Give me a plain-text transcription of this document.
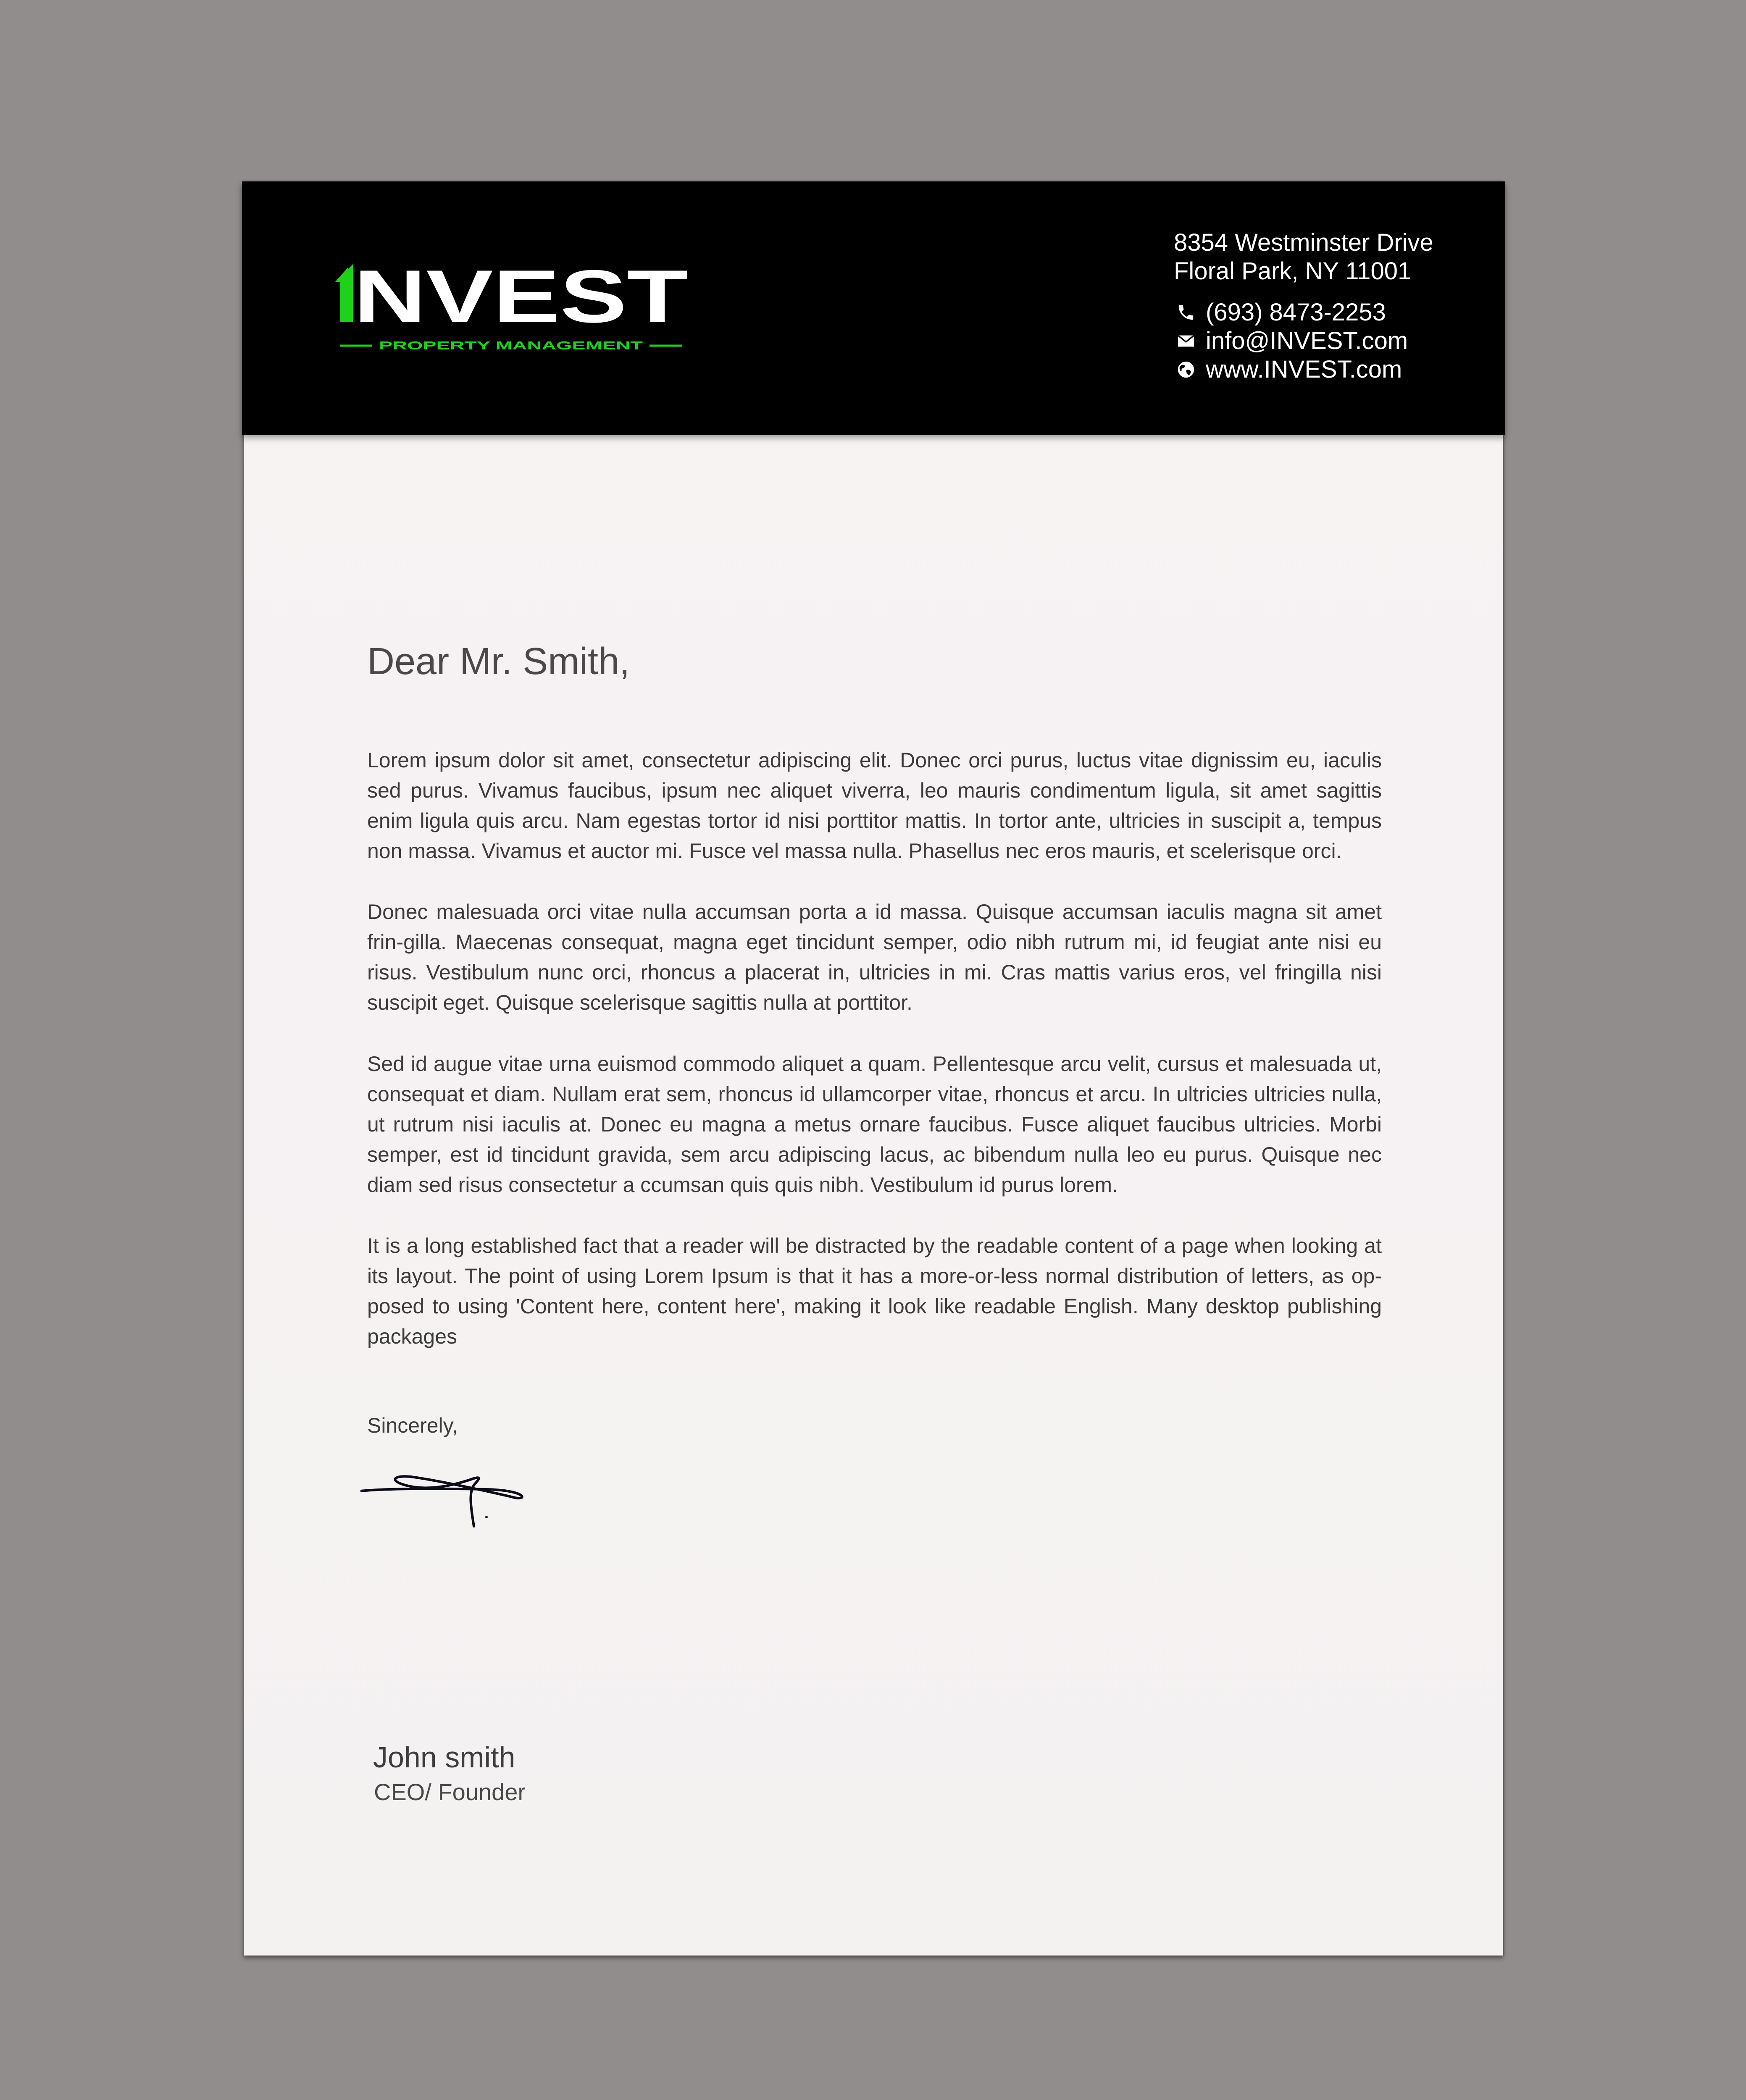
NVEST
PROPERTY MANAGEMENT
8354 Westminster Drive
Floral Park, NY 11001
(693) 8473-2253
info@INVEST.com
www.INVEST.com
Dear Mr. Smith,

Lorem ipsum dolor sit amet, consectetur adipiscing elit. Donec orci purus, luctus vitae dignissim eu, iaculis sed purus. Vivamus faucibus, ipsum nec aliquet viverra, leo mauris condimentum ligula, sit amet sagittis enim ligula quis arcu. Nam egestas tortor id nisi porttitor mattis. In tortor ante, ultricies in suscipit a, tempus non massa. Vivamus et auctor mi. Fusce vel massa nulla. Phasellus nec eros mauris, et scelerisque orci.

Donec malesuada orci vitae nulla accumsan porta a id massa. Quisque accumsan iaculis magna sit amet frin-gilla. Maecenas consequat, magna eget tincidunt semper, odio nibh rutrum mi, id feugiat ante nisi eu risus. Vestibulum nunc orci, rhoncus a placerat in, ultricies in mi. Cras mattis varius eros, vel fringilla nisi suscipit eget. Quisque scelerisque sagittis nulla at porttitor.

Sed id augue vitae urna euismod commodo aliquet a quam. Pellentesque arcu velit, cursus et malesuada ut, consequat et diam. Nullam erat sem, rhoncus id ullamcorper vitae, rhoncus et arcu. In ultricies ultricies nulla, ut rutrum nisi iaculis at. Donec eu magna a metus ornare faucibus. Fusce aliquet faucibus ultricies. Morbi semper, est id tincidunt gravida, sem arcu adipiscing lacus, ac bibendum nulla leo eu purus. Quisque nec diam sed risus consectetur a ccumsan quis quis nibh. Vestibulum id purus lorem.

It is a long established fact that a reader will be distracted by the readable content of a page when looking at its layout. The point of using Lorem Ipsum is that it has a more-or-less normal distribution of letters, as op-posed to using 'Content here, content here', making it look like readable English. Many desktop publishing packages

Sincerely,
John smith
CEO/ Founder
